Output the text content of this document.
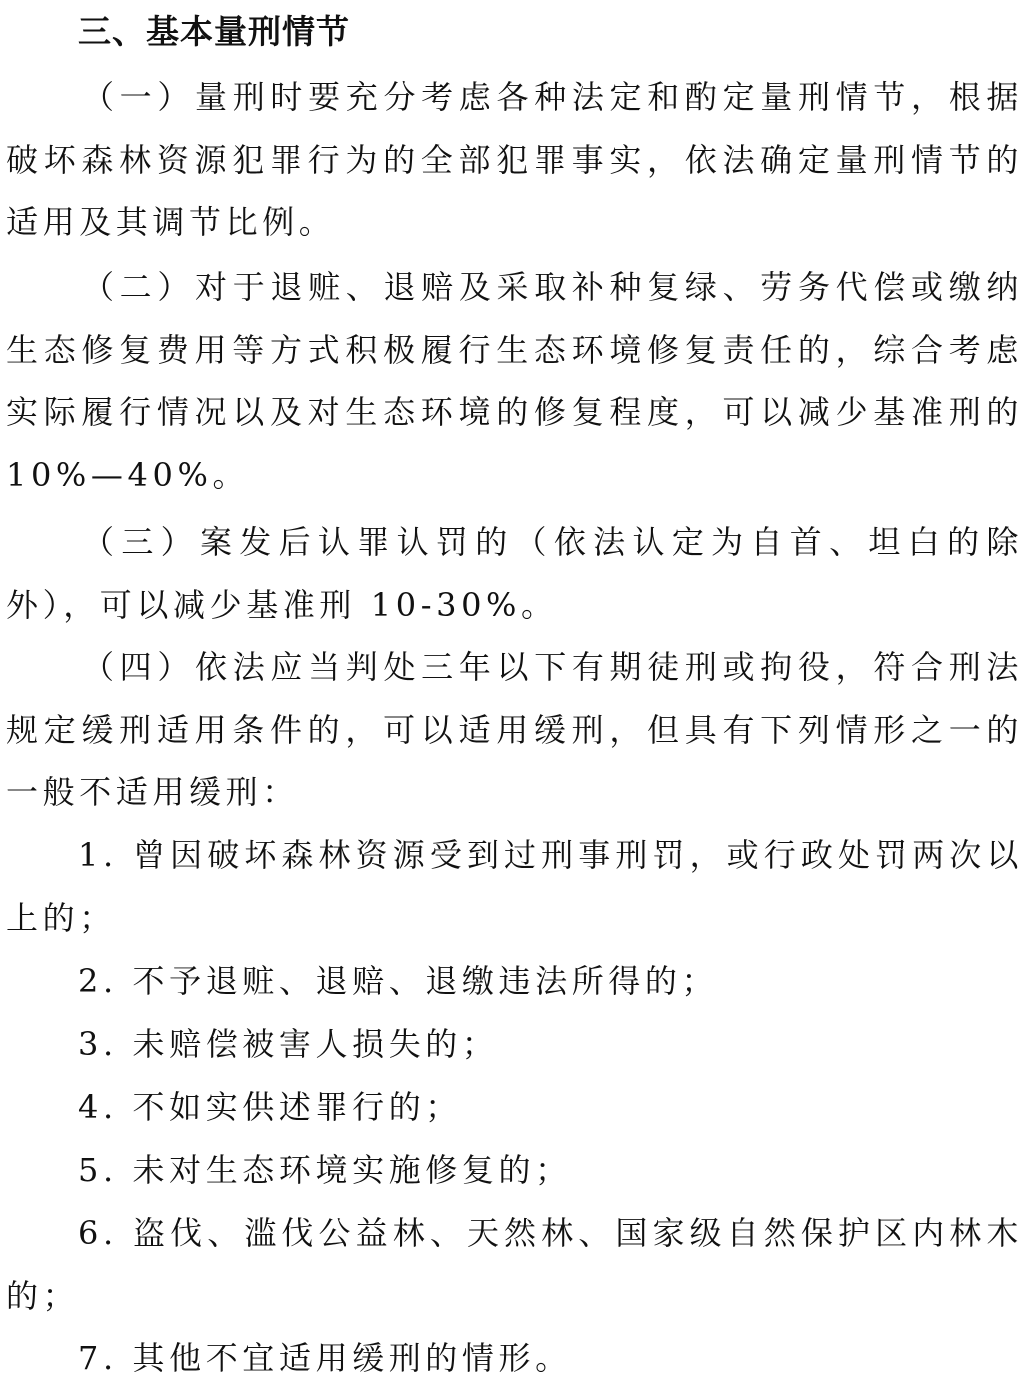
三、基本量刑情节

（一）量刑时要充分考虑各种法定和酌定量刑情节，根据破坏森林资源犯罪行为的全部犯罪事实，依法确定量刑情节的适用及其调节比例。

（二）对于退赃、退赔及采取补种复绿、劳务代偿或缴纳生态修复费用等方式积极履行生态环境修复责任的，综合考虑实际履行情况以及对生态环境的修复程度，可以减少基准刑的10%—40%。

（三）案发后认罪认罚的（依法认定为自首、坦白的除外），可以减少基准刑 10-30%。

（四）依法应当判处三年以下有期徒刑或拘役，符合刑法规定缓刑适用条件的，可以适用缓刑，但具有下列情形之一的一般不适用缓刑：

1. 曾因破坏森林资源受到过刑事刑罚，或行政处罚两次以上的；

2. 不予退赃、退赔、退缴违法所得的；

3. 未赔偿被害人损失的；

4. 不如实供述罪行的；

5. 未对生态环境实施修复的；

6. 盗伐、滥伐公益林、天然林、国家级自然保护区内林木的；

7. 其他不宜适用缓刑的情形。
